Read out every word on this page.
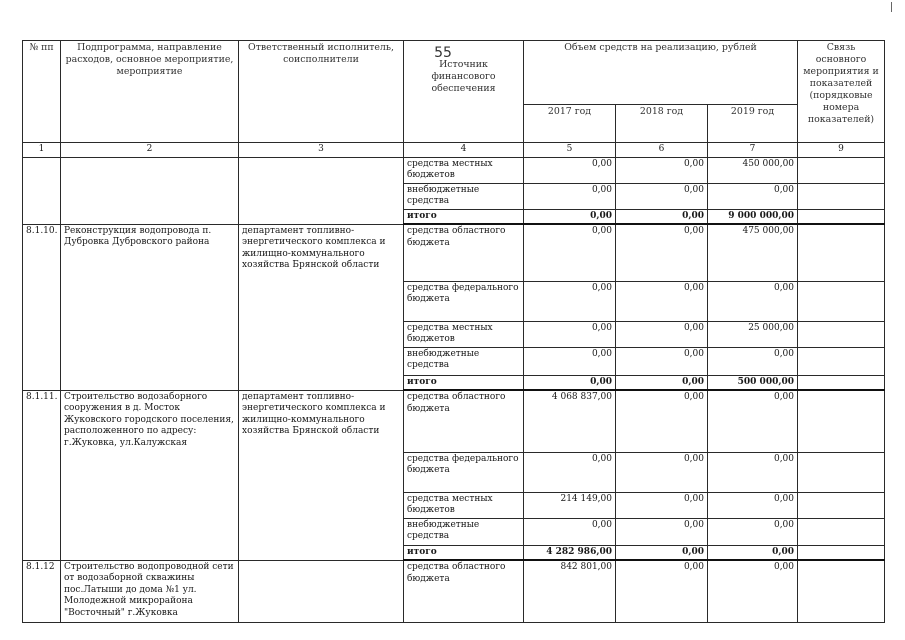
55
№ пп	Подпрограмма, направление расходов, основное мероприятие, мероприятие	Ответственный исполнитель, соисполнители	Источник финансового обеспечения	Объем средств на реализацию, рублей			Связь основного мероприятия и показателей (порядковые номера показателей)
				2017 год	2018 год	2019 год	
1	2	3	4	5	6	7	9
			средства местных бюджетов	0,00	0,00	450 000,00	
			внебюджетные средства	0,00	0,00	0,00	
			итого	0,00	0,00	9 000 000,00	
8.1.10.	Реконструкция водопровода п. Дубровка Дубровского района	департамент топливно-энергетического комплекса и жилищно-коммунального хозяйства Брянской области	средства областного бюджета	0,00	0,00	475 000,00	
			средства федерального бюджета	0,00	0,00	0,00	
			средства местных бюджетов	0,00	0,00	25 000,00	
			внебюджетные средства	0,00	0,00	0,00	
			итого	0,00	0,00	500 000,00	
8.1.11.	Строительство водозаборного сооружения в д. Мосток Жуковского городского поселения, расположенного по адресу: г.Жуковка, ул.Калужская	департамент топливно-энергетического комплекса и жилищно-коммунального хозяйства Брянской области	средства областного бюджета	4 068 837,00	0,00	0,00	
			средства федерального бюджета	0,00	0,00	0,00	
			средства местных бюджетов	214 149,00	0,00	0,00	
			внебюджетные средства	0,00	0,00	0,00	
			итого	4 282 986,00	0,00	0,00	
8.1.12	Строительство водопроводной сети от водозаборной скважины пос.Латыши до дома №1 ул. Молодежной микрорайона "Восточный" г.Жуковка		средства областного бюджета	842 801,00	0,00	0,00	
